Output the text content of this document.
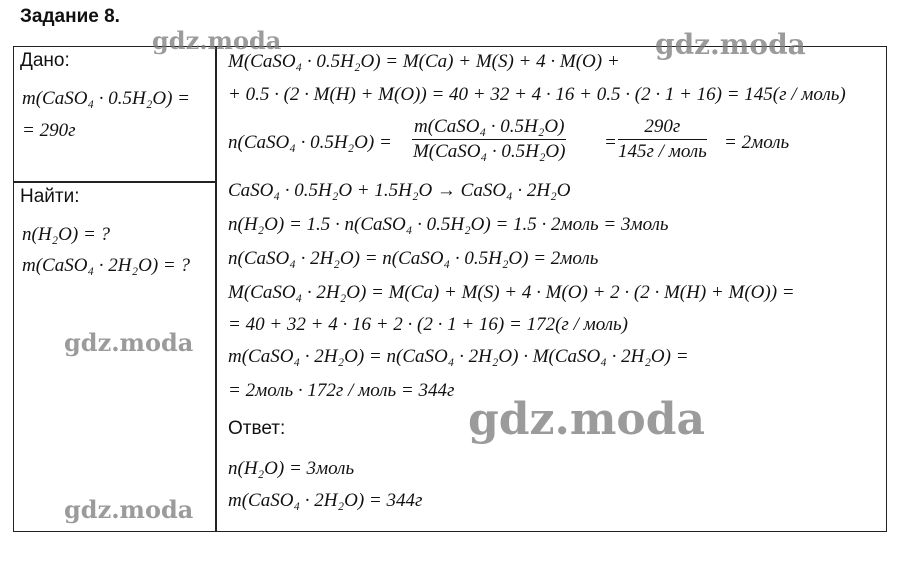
Задание 8.
Дано:
m(CaSO₄ · 0.5H₂O) =
= 290г
Найти:
n(H₂O) = ?
m(CaSO₄ · 2H₂O) = ?
M(CaSO₄ · 0.5H₂O) = M(Ca) + M(S) + 4 · M(O) +
+ 0.5 · (2 · M(H) + M(O)) = 40 + 32 + 4 · 16 + 0.5 · (2 · 1 + 16) = 145(г / моль)
n(CaSO₄ · 0.5H₂O) =
m(CaSO₄ · 0.5H₂O)
M(CaSO₄ · 0.5H₂O) =
290г
145г / моль = 2моль
CaSO₄ · 0.5H₂O + 1.5H₂O → CaSO₄ · 2H₂O
n(H₂O) = 1.5 · n(CaSO₄ · 0.5H₂O) = 1.5 · 2моль = 3моль
n(CaSO₄ · 2H₂O) = n(CaSO₄ · 0.5H₂O) = 2моль
M(CaSO₄ · 2H₂O) = M(Ca) + M(S) + 4 · M(O) + 2 · (2 · M(H) + M(O)) =
= 40 + 32 + 4 · 16 + 2 · (2 · 1 + 16) = 172(г / моль)
m(CaSO₄ · 2H₂O) = n(CaSO₄ · 2H₂O) · M(CaSO₄ · 2H₂O) =
= 2моль · 172г / моль = 344г
Ответ:
n(H₂O) = 3моль
m(CaSO₄ · 2H₂O) = 344г
gdz.moda	gdz.moda
gdz.moda
gdz.moda
gdz.moda
